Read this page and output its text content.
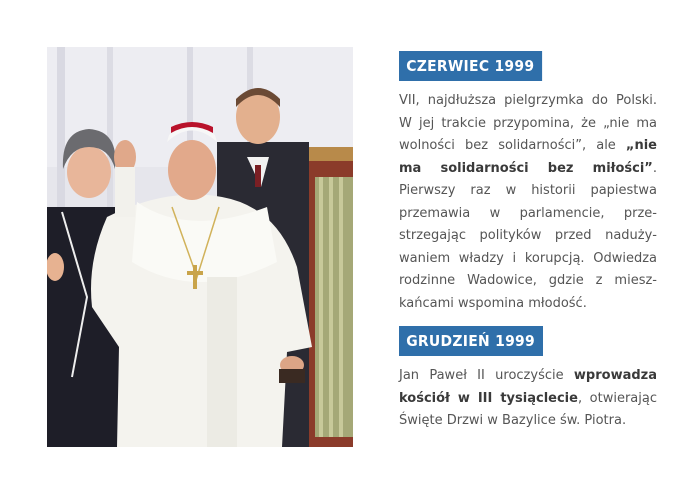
CZERWIEC 1999

VII, najdłuższa pielgrzymka do Polski. W jej trakcie przypomina, że „nie ma wolności bez solidarności”, ale „nie ma solidarności bez miłości”. Pierwszy raz w historii papiestwa przemawia w parlamencie, przestrzegając polityków przed nadużywaniem władzy i korupcją. Odwiedza rodzinne Wadowice, gdzie z mieszkańcami wspomina młodość.

GRUDZIEŃ 1999

Jan Paweł II uroczyście wprowadza kościół w III tysiąclecie, otwierając Święte Drzwi w Bazylice św. Piotra.
